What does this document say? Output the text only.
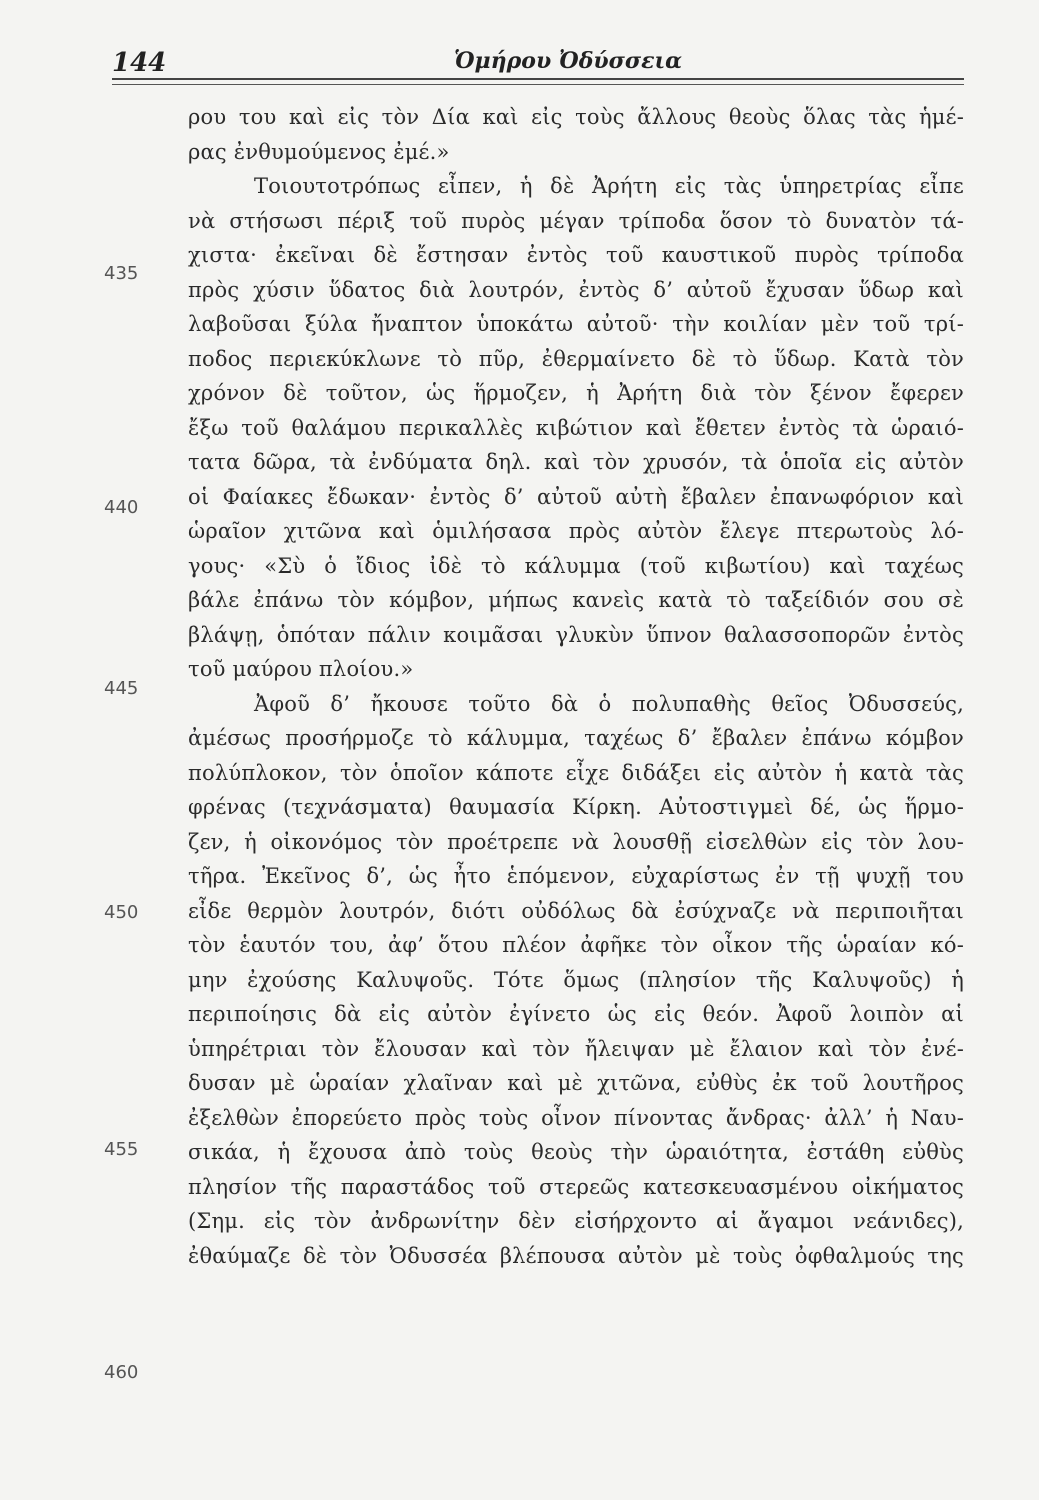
144	Ὁμήρου Ὀδύσσεια
435
440
445
450
455
460
ρου του καὶ εἰς τὸν Δία καὶ εἰς τοὺς ἄλλους θεοὺς ὅλας τὰς ἡμέ-
ρας ἐνθυμούμενος ἐμέ.»
Τοιουτοτρόπως εἶπεν, ἡ δὲ Ἀρήτη εἰς τὰς ὑπηρετρίας εἶπε
νὰ στήσωσι πέριξ τοῦ πυρὸς μέγαν τρίποδα ὅσον τὸ δυνατὸν τά-
χιστα· ἐκεῖναι δὲ ἔστησαν ἐντὸς τοῦ καυστικοῦ πυρὸς τρίποδα
πρὸς χύσιν ὕδατος διὰ λουτρόν, ἐντὸς δ’ αὐτοῦ ἔχυσαν ὕδωρ καὶ
λαβοῦσαι ξύλα ἤναπτον ὑποκάτω αὐτοῦ· τὴν κοιλίαν μὲν τοῦ τρί-
ποδος περιεκύκλωνε τὸ πῦρ, ἐθερμαίνετο δὲ τὸ ὕδωρ. Κατὰ τὸν
χρόνον δὲ τοῦτον, ὡς ἥρμοζεν, ἡ Ἀρήτη διὰ τὸν ξένον ἔφερεν
ἔξω τοῦ θαλάμου περικαλλὲς κιβώτιον καὶ ἔθετεν ἐντὸς τὰ ὡραιό-
τατα δῶρα, τὰ ἐνδύματα δηλ. καὶ τὸν χρυσόν, τὰ ὁποῖα εἰς αὐτὸν
οἱ Φαίακες ἔδωκαν· ἐντὸς δ’ αὐτοῦ αὐτὴ ἔβαλεν ἐπανωφόριον καὶ
ὡραῖον χιτῶνα καὶ ὁμιλήσασα πρὸς αὐτὸν ἔλεγε πτερωτοὺς λό-
γους· «Σὺ ὁ ἴδιος ἰδὲ τὸ κάλυμμα (τοῦ κιβωτίου) καὶ ταχέως
βάλε ἐπάνω τὸν κόμβον, μήπως κανεὶς κατὰ τὸ ταξείδιόν σου σὲ
βλάψῃ, ὁπόταν πάλιν κοιμᾶσαι γλυκὺν ὕπνον θαλασσοπορῶν ἐντὸς
τοῦ μαύρου πλοίου.»
Ἀφοῦ δ’ ἤκουσε τοῦτο δὰ ὁ πολυπαθὴς θεῖος Ὀδυσσεύς,
ἀμέσως προσήρμοζε τὸ κάλυμμα, ταχέως δ’ ἔβαλεν ἐπάνω κόμβον
πολύπλοκον, τὸν ὁποῖον κάποτε εἶχε διδάξει εἰς αὐτὸν ἡ κατὰ τὰς
φρένας (τεχνάσματα) θαυμασία Κίρκη. Αὐτοστιγμεὶ δέ, ὡς ἥρμο-
ζεν, ἡ οἰκονόμος τὸν προέτρεπε νὰ λουσθῇ εἰσελθὼν εἰς τὸν λου-
τῆρα. Ἐκεῖνος δ’, ὡς ἦτο ἑπόμενον, εὐχαρίστως ἐν τῇ ψυχῇ του
εἶδε θερμὸν λουτρόν, διότι οὐδόλως δὰ ἐσύχναζε νὰ περιποιῆται
τὸν ἑαυτόν του, ἀφ’ ὅτου πλέον ἀφῆκε τὸν οἶκον τῆς ὡραίαν κό-
μην ἐχούσης Καλυψοῦς. Τότε ὅμως (πλησίον τῆς Καλυψοῦς) ἡ
περιποίησις δὰ εἰς αὐτὸν ἐγίνετο ὡς εἰς θεόν. Ἀφοῦ λοιπὸν αἱ
ὑπηρέτριαι τὸν ἔλουσαν καὶ τὸν ἤλειψαν μὲ ἔλαιον καὶ τὸν ἐνέ-
δυσαν μὲ ὡραίαν χλαῖναν καὶ μὲ χιτῶνα, εὐθὺς ἐκ τοῦ λουτῆρος
ἐξελθὼν ἐπορεύετο πρὸς τοὺς οἶνον πίνοντας ἄνδρας· ἀλλ’ ἡ Ναυ-
σικάα, ἡ ἔχουσα ἀπὸ τοὺς θεοὺς τὴν ὡραιότητα, ἐστάθη εὐθὺς
πλησίον τῆς παραστάδος τοῦ στερεῶς κατεσκευασμένου οἰκήματος
(Σημ. εἰς τὸν ἀνδρωνίτην δὲν εἰσήρχοντο αἱ ἄγαμοι νεάνιδες),
ἐθαύμαζε δὲ τὸν Ὀδυσσέα βλέπουσα αὐτὸν μὲ τοὺς ὀφθαλμούς της
